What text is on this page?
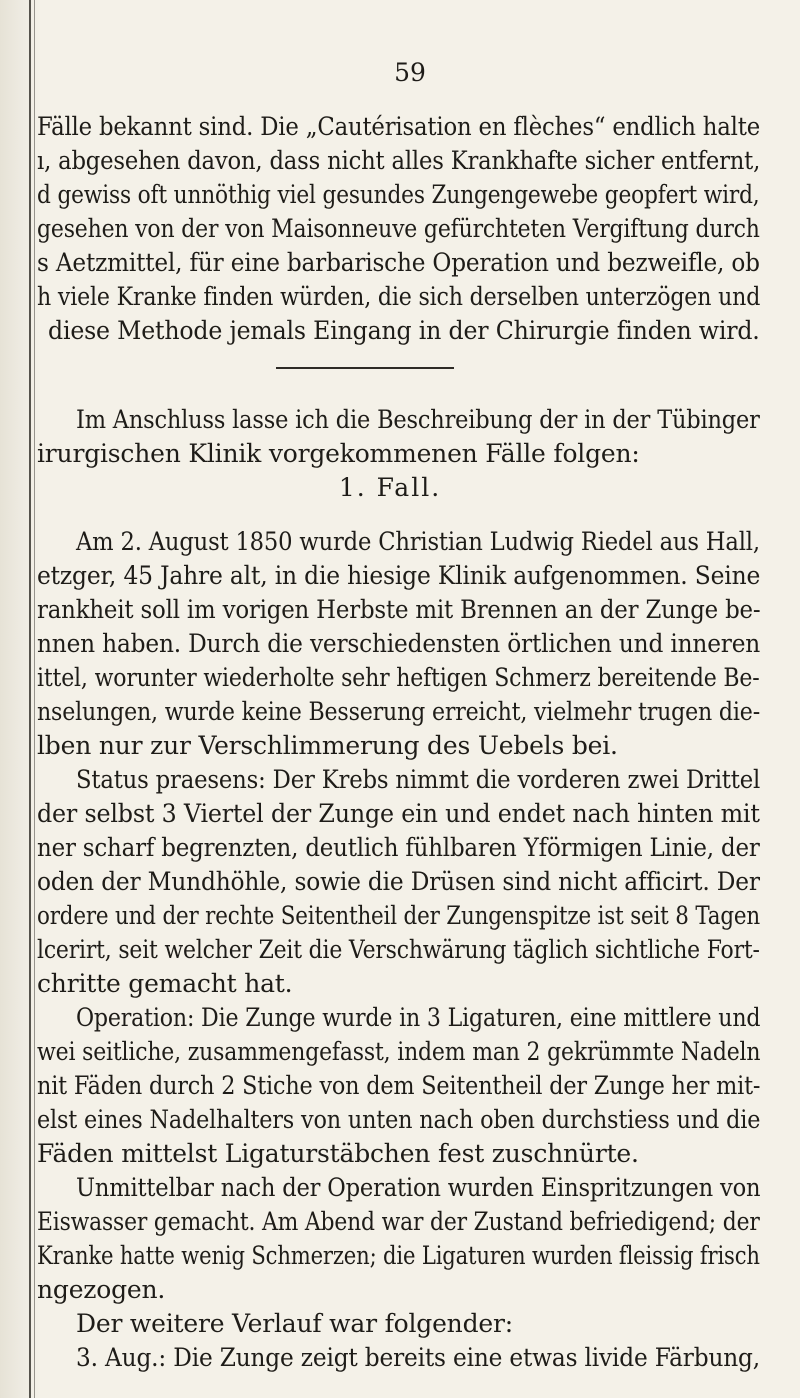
59
Fälle bekannt sind. Die „Cautérisation en flèches“ endlich halte
ı, abgesehen davon, dass nicht alles Krankhafte sicher entfernt,
d gewiss oft unnöthig viel gesundes Zungengewebe geopfert wird,
gesehen von der von Maisonneuve gefürchteten Vergiftung durch
s Aetzmittel, für eine barbarische Operation und bezweifle, ob
h viele Kranke finden würden, die sich derselben unterzögen und
diese Methode jemals Eingang in der Chirurgie finden wird.
Im Anschluss lasse ich die Beschreibung der in der Tübinger
irurgischen Klinik vorgekommenen Fälle folgen:
1. Fall.
Am 2. August 1850 wurde Christian Ludwig Riedel aus Hall,
etzger, 45 Jahre alt, in die hiesige Klinik aufgenommen. Seine
rankheit soll im vorigen Herbste mit Brennen an der Zunge be-
nnen haben. Durch die verschiedensten örtlichen und inneren
ittel, worunter wiederholte sehr heftigen Schmerz bereitende Be-
nselungen, wurde keine Besserung erreicht, vielmehr trugen die-
lben nur zur Verschlimmerung des Uebels bei.
Status praesens: Der Krebs nimmt die vorderen zwei Drittel
der selbst 3 Viertel der Zunge ein und endet nach hinten mit
ner scharf begrenzten, deutlich fühlbaren Yförmigen Linie, der
oden der Mundhöhle, sowie die Drüsen sind nicht afficirt. Der
ordere und der rechte Seitentheil der Zungenspitze ist seit 8 Tagen
lcerirt, seit welcher Zeit die Verschwärung täglich sichtliche Fort-
chritte gemacht hat.
Operation: Die Zunge wurde in 3 Ligaturen, eine mittlere und
wei seitliche, zusammengefasst, indem man 2 gekrümmte Nadeln
nit Fäden durch 2 Stiche von dem Seitentheil der Zunge her mit-
elst eines Nadelhalters von unten nach oben durchstiess und die
Fäden mittelst Ligaturstäbchen fest zuschnürte.
Unmittelbar nach der Operation wurden Einspritzungen von
Eiswasser gemacht. Am Abend war der Zustand befriedigend; der
Kranke hatte wenig Schmerzen; die Ligaturen wurden fleissig frisch
ngezogen.
Der weitere Verlauf war folgender:
3. Aug.: Die Zunge zeigt bereits eine etwas livide Färbung,
